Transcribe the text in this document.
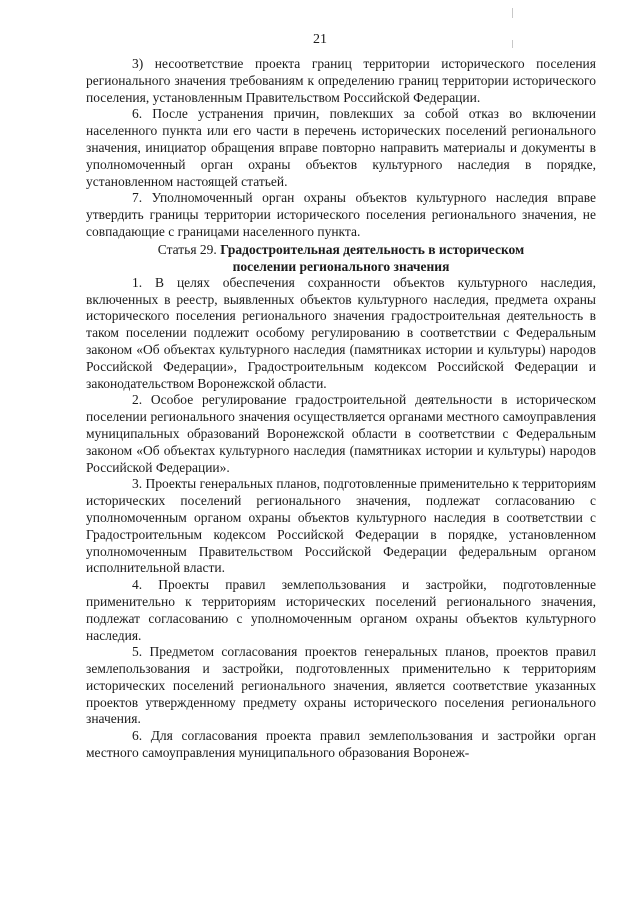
21

3) несоответствие проекта границ территории исторического поселения регионального значения требованиям к определению границ территории исторического поселения, установленным Правительством Российской Федерации.

6. После устранения причин, повлекших за собой отказ во включении населенного пункта или его части в перечень исторических поселений регионального значения, инициатор обращения вправе повторно направить материалы и документы в уполномоченный орган охраны объектов культурного наследия в порядке, установленном настоящей статьей.

7. Уполномоченный орган охраны объектов культурного наследия вправе утвердить границы территории исторического поселения регионального значения, не совпадающие с границами населенного пункта.

Статья 29. Градостроительная деятельность в историческом
поселении регионального значения

1. В целях обеспечения сохранности объектов культурного наследия, включенных в реестр, выявленных объектов культурного наследия, предмета охраны исторического поселения регионального значения градостроительная деятельность в таком поселении подлежит особому регулированию в соответствии с Федеральным законом «Об объектах культурного наследия (памятниках истории и культуры) народов Российской Федерации», Градостроительным кодексом Российской Федерации и законодательством Воронежской области.

2. Особое регулирование градостроительной деятельности в историческом поселении регионального значения осуществляется органами местного самоуправления муниципальных образований Воронежской области в соответствии с Федеральным законом «Об объектах культурного наследия (памятниках истории и культуры) народов Российской Федерации».

3. Проекты генеральных планов, подготовленные применительно к территориям исторических поселений регионального значения, подлежат согласованию с уполномоченным органом охраны объектов культурного наследия в соответствии с Градостроительным кодексом Российской Федерации в порядке, установленном уполномоченным Правительством Российской Федерации федеральным органом исполнительной власти.

4. Проекты правил землепользования и застройки, подготовленные применительно к территориям исторических поселений регионального значения, подлежат согласованию с уполномоченным органом охраны объектов культурного наследия.

5. Предметом согласования проектов генеральных планов, проектов правил землепользования и застройки, подготовленных применительно к территориям исторических поселений регионального значения, является соответствие указанных проектов утвержденному предмету охраны исторического поселения регионального значения.

6. Для согласования проекта правил землепользования и застройки орган местного самоуправления муниципального образования Воронеж-
